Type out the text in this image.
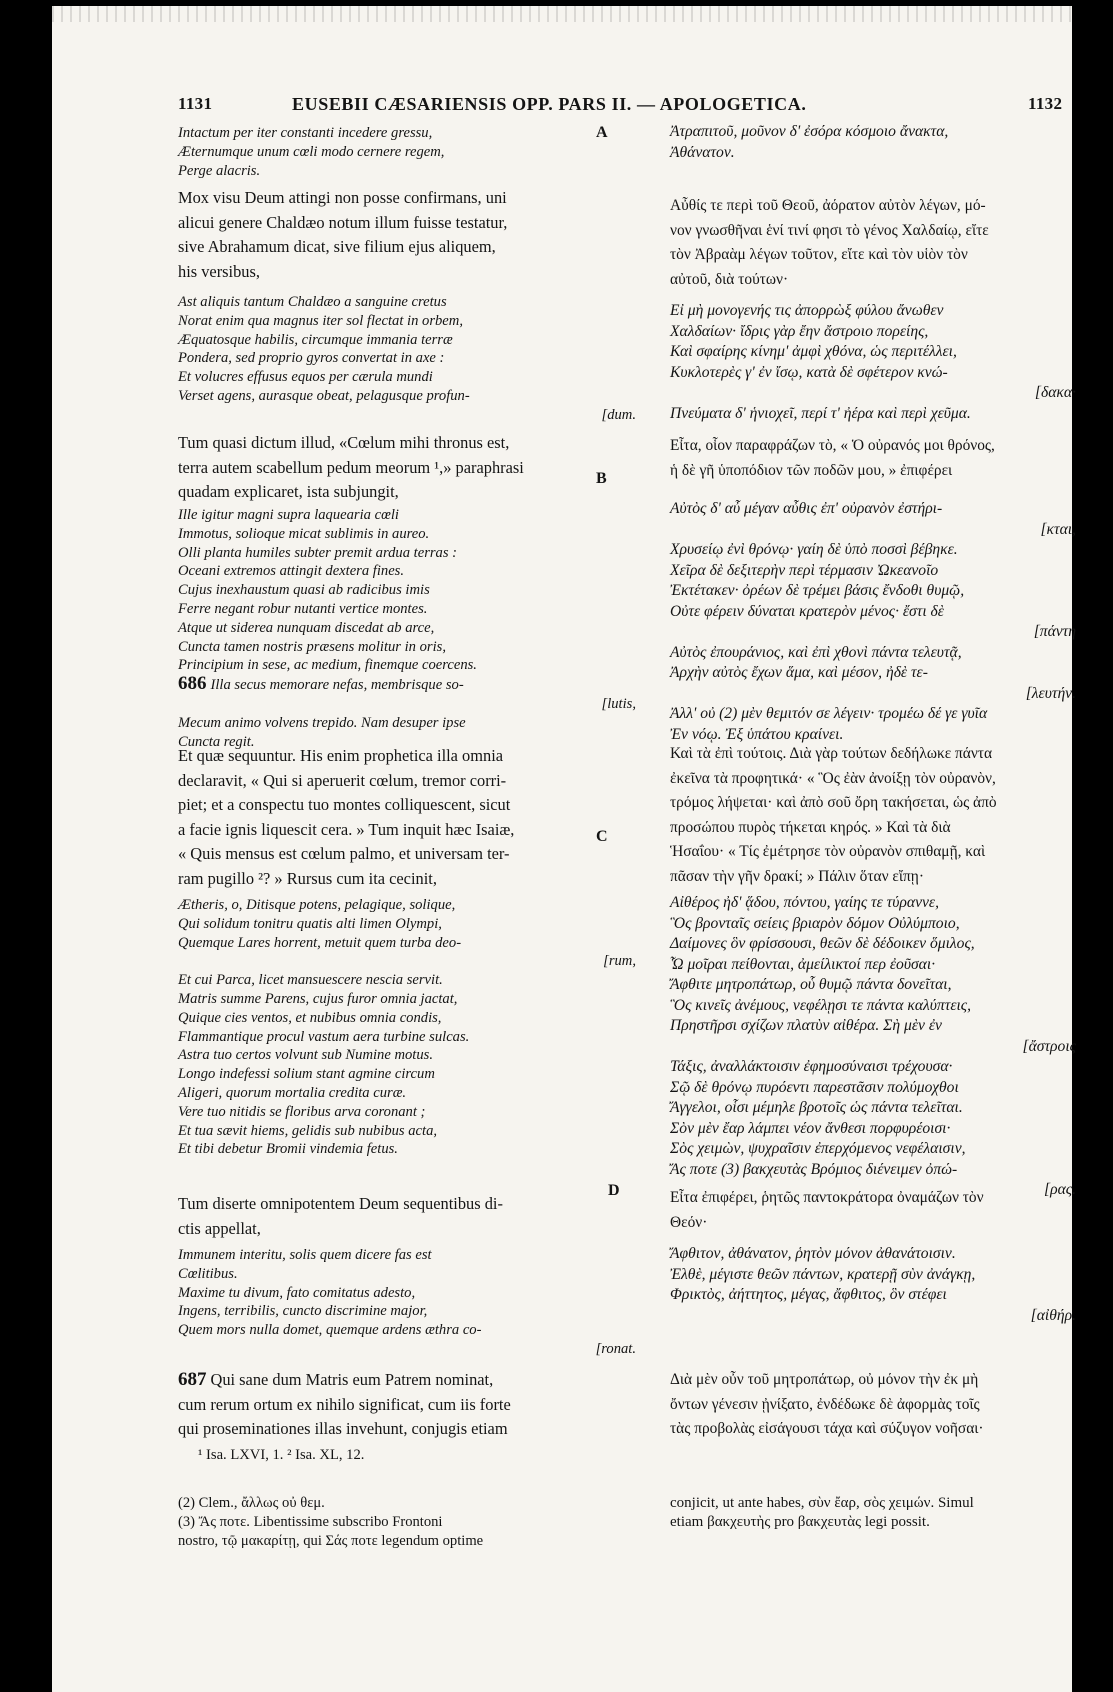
1131	EUSEBII CÆSARIENSIS OPP. PARS II. — APOLOGETICA.	1132
A
B
C
D
Intactum per iter constanti incedere gressu,
Æternumque unum cœli modo cernere regem,
Perge alacris.
Mox visu Deum attingi non posse confirmans, uni
alicui genere Chaldæo notum illum fuisse testatur,
sive Abrahamum dicat, sive filium ejus aliquem,
his versibus,
Ast aliquis tantum Chaldæo a sanguine cretus
Norat enim qua magnus iter sol flectat in orbem,
Æquatosque habilis, circumque immania terræ
Pondera, sed proprio gyros convertat in axe :
Et volucres effusus equos per cærula mundi
Verset agens, aurasque obeat, pelagusque profun-
[dum.
Tum quasi dictum illud, «Cœlum mihi thronus est,
terra autem scabellum pedum meorum ¹,» paraphrasi
quadam explicaret, ista subjungit,
Ille igitur magni supra laquearia cœli
Immotus, solioque micat sublimis in aureo.
Olli planta humiles subter premit ardua terras :
Oceani extremos attingit dextera fines.
Cujus inexhaustum quasi ab radicibus imis
Ferre negant robur nutanti vertice montes.
Atque ut siderea nunquam discedat ab arce,
Cuncta tamen nostris præsens molitur in oris,
Principium in sese, ac medium, finemque coercens.
686 Illa secus memorare nefas, membrisque so-
[lutis,
Mecum animo volvens trepido. Nam desuper ipse
Cuncta regit.
Et quæ sequuntur. His enim prophetica illa omnia
declaravit, « Qui si aperuerit cœlum, tremor corri-
piet; et a conspectu tuo montes colliquescent, sicut
a facie ignis liquescit cera. » Tum inquit hæc Isaiæ,
« Quis mensus est cœlum palmo, et universam ter-
ram pugillo ²? » Rursus cum ita cecinit,
Ætheris, o, Ditisque potens, pelagique, solique,
Qui solidum tonitru quatis alti limen Olympi,
Quemque Lares horrent, metuit quem turba deo-
[rum,
Et cui Parca, licet mansuescere nescia servit.
Matris summe Parens, cujus furor omnia jactat,
Quique cies ventos, et nubibus omnia condis,
Flammantique procul vastum aera turbine sulcas.
Astra tuo certos volvunt sub Numine motus.
Longo indefessi solium stant agmine circum
Aligeri, quorum mortalia credita curæ.
Vere tuo nitidis se floribus arva coronant ;
Et tua sævit hiems, gelidis sub nubibus acta,
Et tibi debetur Bromii vindemia fetus.
Tum diserte omnipotentem Deum sequentibus di-
ctis appellat,
Immunem interitu, solis quem dicere fas est
Cœlitibus.
Maxime tu divum, fato comitatus adesto,
Ingens, terribilis, cuncto discrimine major,
Quem mors nulla domet, quemque ardens æthra co-
[ronat.
687 Qui sane dum Matris eum Patrem nominat,
cum rerum ortum ex nihilo significat, cum iis forte
qui proseminationes illas invehunt, conjugis etiam
¹ Isa. LXVI, 1. ² Isa. XL, 12.
(2) Clem., ἄλλως οὐ θεμ.
(3) Ἄς ποτε. Libentissime subscribo Frontoni
nostro, τῷ μακαρίτῃ, qui Σάς ποτε legendum optime
Ἀτραπιτοῦ, μοῦνον δ' ἐσόρα κόσμοιο ἄνακτα,
Ἀθάνατον.
Αὖθίς τε περὶ τοῦ Θεοῦ, ἀόρατον αὐτὸν λέγων, μό-
νον γνωσθῆναι ἑνί τινί φησι τὸ γένος Χαλδαίῳ, εἴτε
τὸν Ἀβραὰμ λέγων τοῦτον, εἴτε καὶ τὸν υἱὸν τὸν
αὐτοῦ, διὰ τούτων·
Εἰ μὴ μονογενής τις ἀπορρὼξ φύλου ἄνωθεν
Χαλδαίων· ἴδρις γὰρ ἔην ἄστροιο πορείης,
Καὶ σφαίρης κίνημ' ἀμφὶ χθόνα, ὡς περιτέλλει,
Κυκλοτερὲς γ' ἐν ἴσῳ, κατὰ δὲ σφέτερον κνώ-
[δακα·
Πνεύματα δ' ἡνιοχεῖ, περί τ' ἠέρα καὶ περὶ χεῦμα.
Εἶτα, οἷον παραφράζων τὸ, « Ὁ οὐρανός μοι θρόνος,
ἡ δὲ γῆ ὑποπόδιον τῶν ποδῶν μου, » ἐπιφέρει
Αὐτὸς δ' αὖ μέγαν αὖθις ἐπ' οὐρανὸν ἐστήρι-
[κται,
Χρυσείῳ ἐνὶ θρόνῳ· γαίη δὲ ὑπὸ ποσσὶ βέβηκε.
Χεῖρα δὲ δεξιτερὴν περὶ τέρμασιν Ὠκεανοῖο
Ἐκτέτακεν· ὀρέων δὲ τρέμει βάσις ἔνδοθι θυμῷ,
Οὐτε φέρειν δύναται κρατερὸν μένος· ἔστι δὲ
[πάντη
Αὐτὸς ἐπουράνιος, καὶ ἐπὶ χθονὶ πάντα τελευτᾷ,
Ἀρχὴν αὐτὸς ἔχων ἅμα, καὶ μέσον, ἠδὲ τε-
[λευτήν.
Ἀλλ' οὐ (2) μὲν θεμιτόν σε λέγειν· τρομέω δέ γε γυῖα
Ἐν νόῳ. Ἐξ ὑπάτου κραίνει.
Καὶ τὰ ἐπὶ τούτοις. Διὰ γὰρ τούτων δεδήλωκε πάντα
ἐκεῖνα τὰ προφητικά· « Ὃς ἐὰν ἀνοίξῃ τὸν οὐρανὸν,
τρόμος λήψεται· καὶ ἀπὸ σοῦ ὄρη τακήσεται, ὡς ἀπὸ
προσώπου πυρὸς τήκεται κηρός. » Καὶ τὰ διὰ
Ἡσαΐου· « Τίς ἐμέτρησε τὸν οὐρανὸν σπιθαμῇ, καὶ
πᾶσαν τὴν γῆν δρακί; » Πάλιν ὅταν εἴπῃ·
Αἰθέρος ἠδ' ᾅδου, πόντου, γαίης τε τύραννε,
Ὃς βρονταῖς σείεις βριαρὸν δόμον Οὐλύμποιο,
Δαίμονες ὃν φρίσσουσι, θεῶν δὲ δέδοικεν ὅμιλος,
Ὧ μοῖραι πείθονται, ἀμείλικτοί περ ἐοῦσαι·
Ἄφθιτε μητροπάτωρ, οὗ θυμῷ πάντα δονεῖται,
Ὃς κινεῖς ἀνέμους, νεφέλῃσι τε πάντα καλύπτεις,
Πρηστῆρσι σχίζων πλατὺν αἰθέρα. Σὴ μὲν ἐν
[ἄστροις
Τάξις, ἀναλλάκτοισιν ἐφημοσύναισι τρέχουσα·
Σῷ δὲ θρόνῳ πυρόεντι παρεστᾶσιν πολύμοχθοι
Ἄγγελοι, οἷσι μέμηλε βροτοῖς ὡς πάντα τελεῖται.
Σὸν μὲν ἔαρ λάμπει νέον ἄνθεσι πορφυρέοισι·
Σὸς χειμὼν, ψυχραῖσιν ἐπερχόμενος νεφέλαισιν,
Ἄς ποτε (3) βακχευτὰς Βρόμιος διένειμεν ὀπώ-
[ρας.
Εἶτα ἐπιφέρει, ῥητῶς παντοκράτορα ὀναμάζων τὸν
Θεόν·
Ἄφθιτον, ἀθάνατον, ῥητὸν μόνον ἀθανάτοισιν.
Ἐλθὲ, μέγιστε θεῶν πάντων, κρατερῇ σὺν ἀνάγκῃ,
Φρικτὸς, ἀήττητος, μέγας, ἄφθιτος, ὃν στέφει
[αἰθήρ.
Διὰ μὲν οὖν τοῦ μητροπάτωρ, οὐ μόνον τὴν ἐκ μὴ
ὄντων γένεσιν ᾐνίξατο, ἐνδέδωκε δὲ ἀφορμὰς τοῖς
τὰς προβολὰς εἰσάγουσι τάχα καὶ σύζυγον νοῆσαι·
conjicit, ut ante habes, σὺν ἔαρ, σὸς χειμών. Simul
etiam βακχευτὴς pro βακχευτὰς legi possit.
